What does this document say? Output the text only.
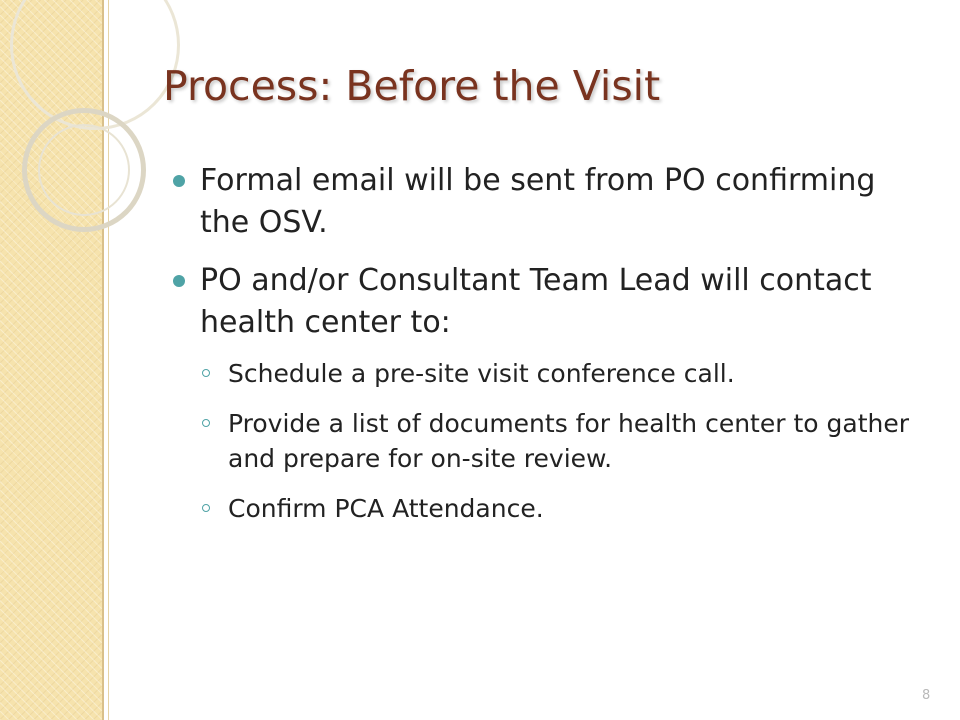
Process: Before the Visit
Formal email will be sent from PO confirming the OSV.
PO and/or Consultant Team Lead will contact health center to:
Schedule a pre-site visit conference call.
Provide a list of documents for health center to gather and prepare for on-site review.
Confirm PCA Attendance.
8
